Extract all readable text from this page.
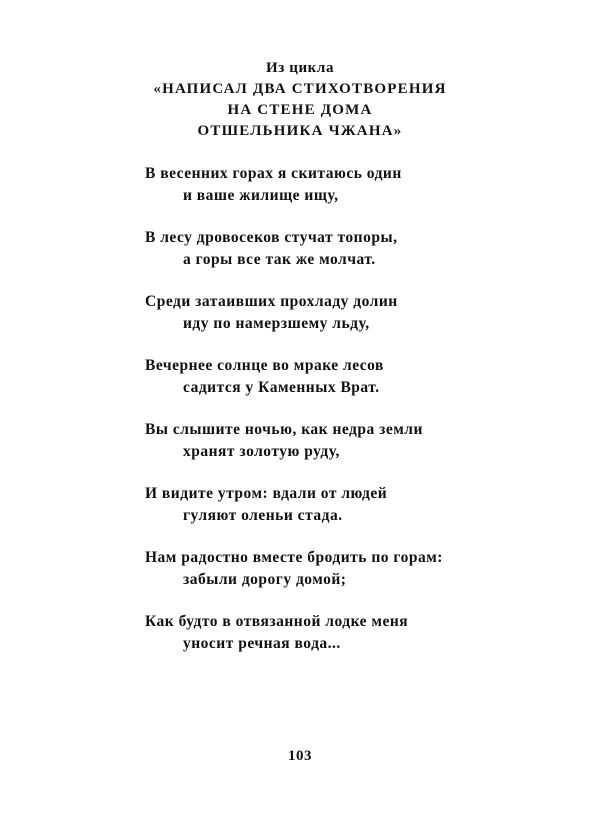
Из цикла
«НАПИСАЛ ДВА СТИХОТВОРЕНИЯ
НА СТЕНЕ ДОМА
ОТШЕЛЬНИКА ЧЖАНА»
В весенних горах я скитаюсь один
и ваше жилище ищу,
В лесу дровосеков стучат топоры,
а горы все так же молчат.
Среди затаивших прохладу долин
иду по намерзшему льду,
Вечернее солнце во мраке лесов
садится у Каменных Врат.
Вы слышите ночью, как недра земли
хранят золотую руду,
И видите утром: вдали от людей
гуляют оленьи стада.
Нам радостно вместе бродить по горам:
забыли дорогу домой;
Как будто в отвязанной лодке меня
уносит речная вода...
103
